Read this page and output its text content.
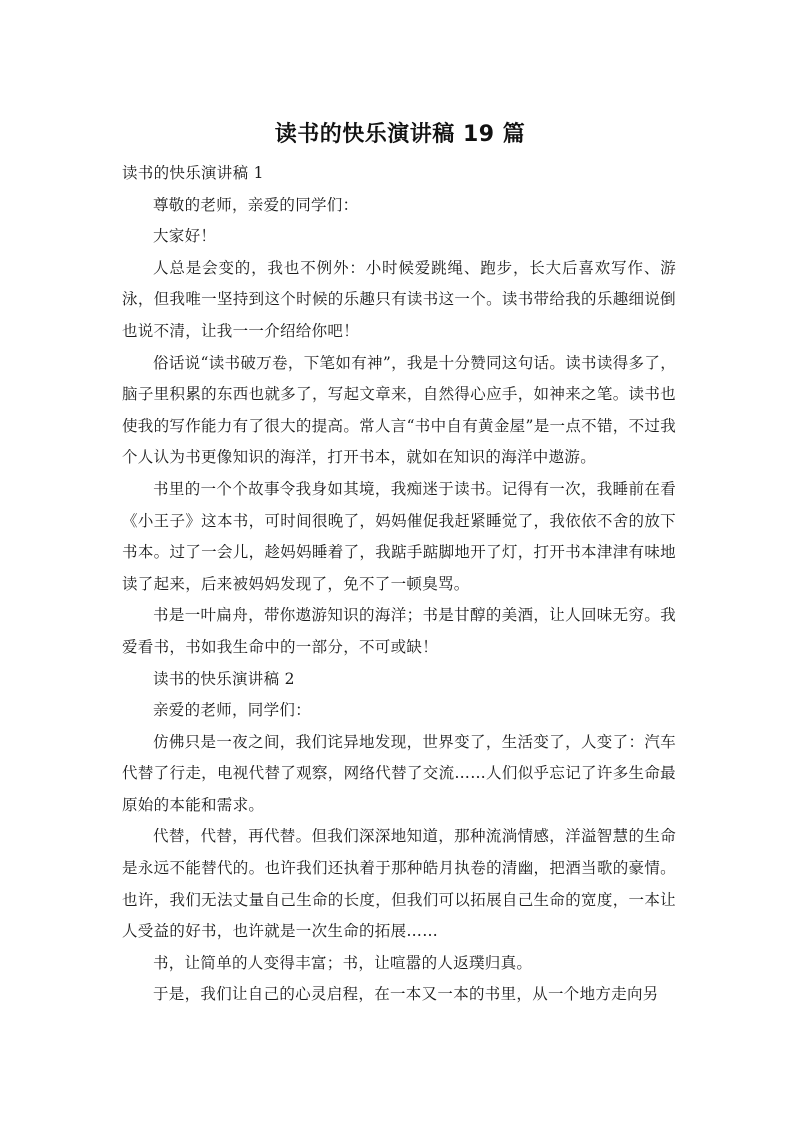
读书的快乐演讲稿 19 篇

读书的快乐演讲稿 1

尊敬的老师，亲爱的同学们：

大家好！

人总是会变的，我也不例外：小时候爱跳绳、跑步，长大后喜欢写作、游泳，但我唯一坚持到这个时候的乐趣只有读书这一个。读书带给我的乐趣细说倒也说不清，让我一一介绍给你吧！

俗话说“读书破万卷，下笔如有神”，我是十分赞同这句话。读书读得多了，脑子里积累的东西也就多了，写起文章来，自然得心应手，如神来之笔。读书也使我的写作能力有了很大的提高。常人言“书中自有黄金屋”是一点不错，不过我个人认为书更像知识的海洋，打开书本，就如在知识的海洋中遨游。

书里的一个个故事令我身如其境，我痴迷于读书。记得有一次，我睡前在看《小王子》这本书，可时间很晚了，妈妈催促我赶紧睡觉了，我依依不舍的放下书本。过了一会儿，趁妈妈睡着了，我踮手踮脚地开了灯，打开书本津津有味地读了起来，后来被妈妈发现了，免不了一顿臭骂。

书是一叶扁舟，带你遨游知识的海洋；书是甘醇的美酒，让人回味无穷。我爱看书，书如我生命中的一部分，不可或缺！

读书的快乐演讲稿 2

亲爱的老师，同学们：

仿佛只是一夜之间，我们诧异地发现，世界变了，生活变了，人变了：汽车代替了行走，电视代替了观察，网络代替了交流……人们似乎忘记了许多生命最原始的本能和需求。

代替，代替，再代替。但我们深深地知道，那种流淌情感，洋溢智慧的生命是永远不能替代的。也许我们还执着于那种皓月执卷的清幽，把酒当歌的豪情。也许，我们无法丈量自己生命的长度，但我们可以拓展自己生命的宽度，一本让人受益的好书，也许就是一次生命的拓展……

书，让简单的人变得丰富；书，让喧嚣的人返璞归真。

于是，我们让自己的心灵启程，在一本又一本的书里，从一个地方走向另
